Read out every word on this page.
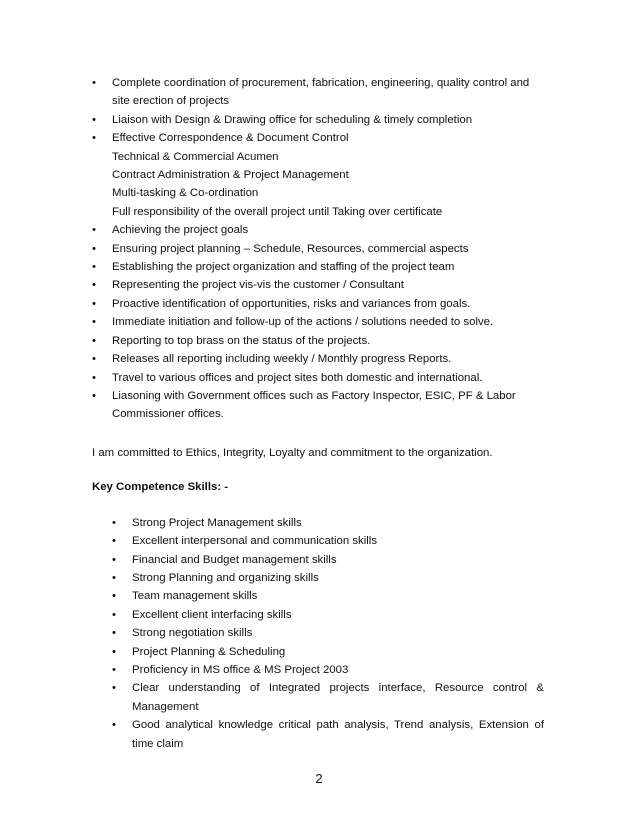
• Complete coordination of procurement, fabrication, engineering, quality control and site erection of projects
• Liaison with Design & Drawing office for scheduling & timely completion
• Effective Correspondence & Document Control
Technical & Commercial Acumen
Contract Administration & Project Management
Multi-tasking & Co-ordination
Full responsibility of the overall project until Taking over certificate
• Achieving the project goals
• Ensuring project planning – Schedule, Resources, commercial aspects
• Establishing the project organization and staffing of the project team
• Representing the project vis-vis the customer / Consultant
• Proactive identification of opportunities, risks and variances from goals.
• Immediate initiation and follow-up of the actions / solutions needed to solve.
• Reporting to top brass on the status of the projects.
• Releases all reporting including weekly / Monthly progress Reports.
• Travel to various offices and project sites both domestic and international.
• Liasoning with Government offices such as Factory Inspector, ESIC, PF & Labor Commissioner offices.
I am committed to Ethics, Integrity, Loyalty and commitment to the organization.
Key Competence Skills: -
• Strong Project Management skills
• Excellent interpersonal and communication skills
• Financial and Budget management skills
• Strong Planning and organizing skills
• Team management skills
• Excellent client interfacing skills
• Strong negotiation skills
• Project Planning & Scheduling
• Proficiency in MS office & MS Project 2003
• Clear understanding of Integrated projects interface, Resource control & Management
• Good analytical knowledge critical path analysis, Trend analysis, Extension of time claim
2
